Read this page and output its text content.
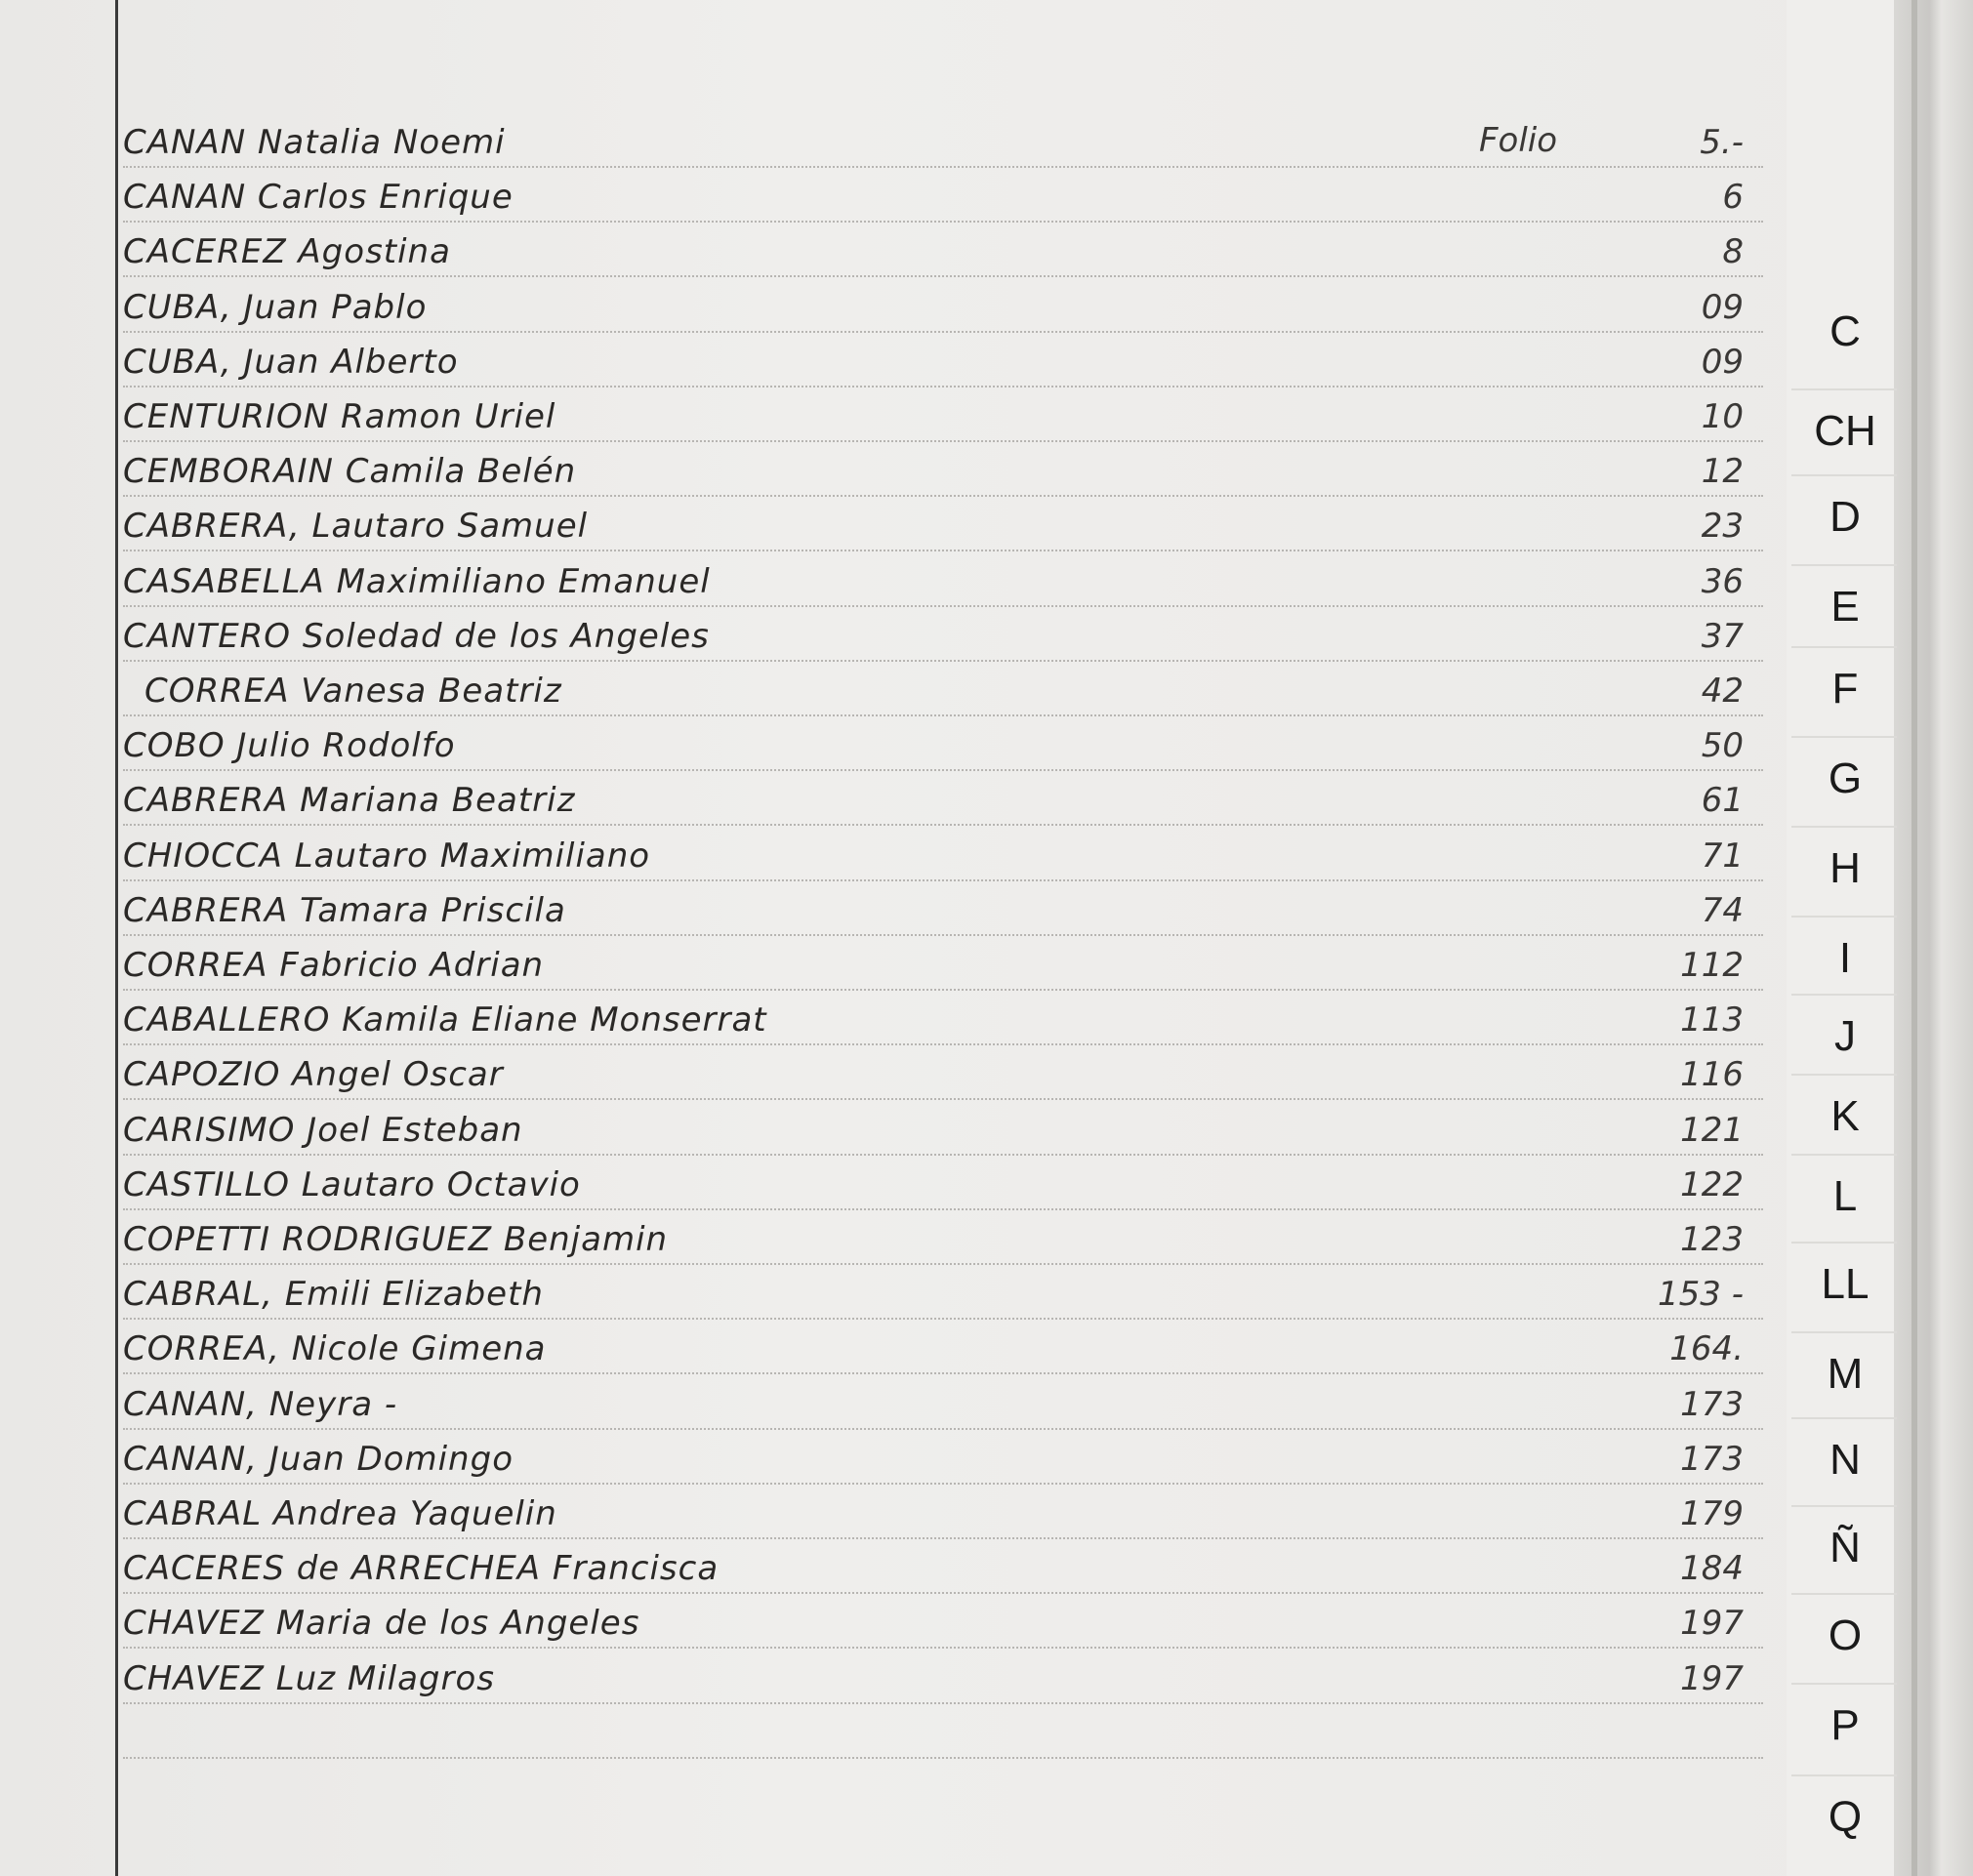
Folio
CANAN Natalia Noemi	5.-
CANAN Carlos Enrique	6
CACEREZ Agostina	8
CUBA, Juan Pablo	09
CUBA, Juan Alberto	09
CENTURION Ramon Uriel	10
CEMBORAIN Camila Belén	12
CABRERA, Lautaro Samuel	23
CASABELLA Maximiliano Emanuel	36
CANTERO Soledad de los Angeles	37
CORREA Vanesa Beatriz	42
COBO Julio Rodolfo	50
CABRERA Mariana Beatriz	61
CHIOCCA Lautaro Maximiliano	71
CABRERA Tamara Priscila	74
CORREA Fabricio Adrian	112
CABALLERO Kamila Eliane Monserrat	113
CAPOZIO Angel Oscar	116
CARISIMO Joel Esteban	121
CASTILLO Lautaro Octavio	122
COPETTI RODRIGUEZ Benjamin	123
CABRAL, Emili Elizabeth	153 -
CORREA, Nicole Gimena	164.
CANAN, Neyra -	173
CANAN, Juan Domingo	173
CABRAL Andrea Yaquelin	179
CACERES de ARRECHEA Francisca	184
CHAVEZ Maria de los Angeles	197
CHAVEZ Luz Milagros	197
C
CH
D
E
F
G
H
I
J
K
L
LL
M
N
Ñ
O
P
Q
